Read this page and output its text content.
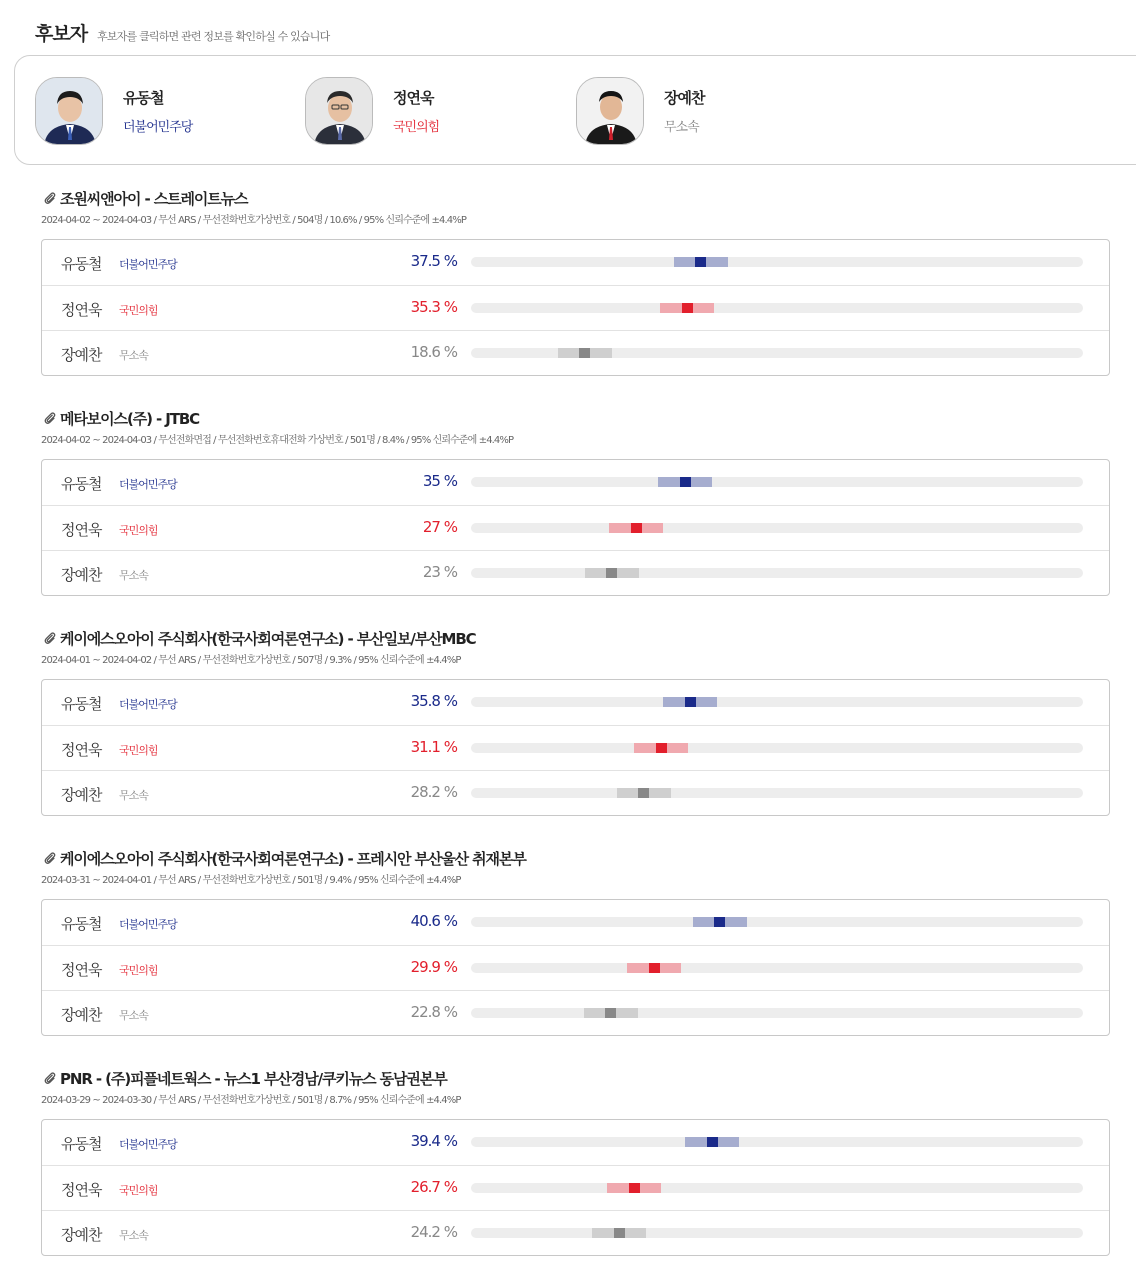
후보자 후보자를 클릭하면 관련 정보를 확인하실 수 있습니다
유동철
더불어민주당
정연욱
국민의힘
장예찬
무소속
조원씨앤아이 - 스트레이트뉴스
2024-04-02 ~ 2024-04-03 / 무선 ARS / 무선전화번호가상번호 / 504명 / 10.6% / 95% 신뢰수준에 ±4.4%P
유동철 더불어민주당	37.5 %
정연욱 국민의힘	35.3 %
장예찬 무소속	18.6 %
메타보이스(주) - JTBC
2024-04-02 ~ 2024-04-03 / 무선전화면접 / 무선전화번호휴대전화 가상번호 / 501명 / 8.4% / 95% 신뢰수준에 ±4.4%P
유동철 더불어민주당	35 %
정연욱 국민의힘	27 %
장예찬 무소속	23 %
케이에스오아이 주식회사(한국사회여론연구소) - 부산일보/부산MBC
2024-04-01 ~ 2024-04-02 / 무선 ARS / 무선전화번호가상번호 / 507명 / 9.3% / 95% 신뢰수준에 ±4.4%P
유동철 더불어민주당	35.8 %
정연욱 국민의힘	31.1 %
장예찬 무소속	28.2 %
케이에스오아이 주식회사(한국사회여론연구소) - 프레시안 부산울산 취재본부
2024-03-31 ~ 2024-04-01 / 무선 ARS / 무선전화번호가상번호 / 501명 / 9.4% / 95% 신뢰수준에 ±4.4%P
유동철 더불어민주당	40.6 %
정연욱 국민의힘	29.9 %
장예찬 무소속	22.8 %
PNR - (주)피플네트웍스 - 뉴스1 부산경남/쿠키뉴스 동남권본부
2024-03-29 ~ 2024-03-30 / 무선 ARS / 무선전화번호가상번호 / 501명 / 8.7% / 95% 신뢰수준에 ±4.4%P
유동철 더불어민주당	39.4 %
정연욱 국민의힘	26.7 %
장예찬 무소속	24.2 %
